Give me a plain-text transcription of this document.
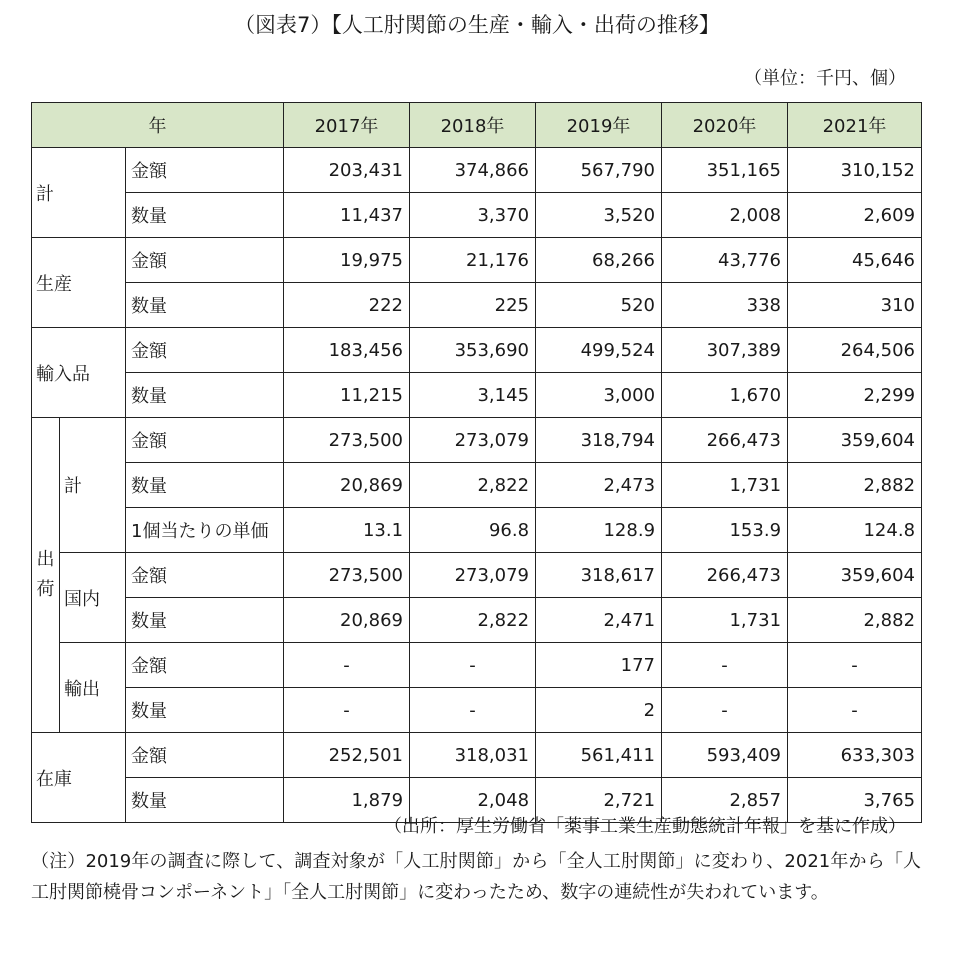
（図表7）【人工肘関節の生産・輸入・出荷の推移】
（単位：千円、個）
年			2017年	2018年	2019年	2020年	2021年
計		金額	203,431	374,866	567,790	351,165	310,152
		数量	11,437	3,370	3,520	2,008	2,609
生産		金額	19,975	21,176	68,266	43,776	45,646
		数量	222	225	520	338	310
輸入品		金額	183,456	353,690	499,524	307,389	264,506
		数量	11,215	3,145	3,000	1,670	2,299
出荷	計	金額	273,500	273,079	318,794	266,473	359,604
		数量	20,869	2,822	2,473	1,731	2,882
		1個当たりの単価	13.1	96.8	128.9	153.9	124.8
	国内	金額	273,500	273,079	318,617	266,473	359,604
		数量	20,869	2,822	2,471	1,731	2,882
	輸出	金額	-	-	177	-	-
		数量	-	-	2	-	-
在庫		金額	252,501	318,031	561,411	593,409	633,303
		数量	1,879	2,048	2,721	2,857	3,765
（出所：厚生労働省「薬事工業生産動態統計年報」を基に作成）
（注）2019年の調査に際して、調査対象が「人工肘関節」から「全人工肘関節」に変わり、2021年から「人工肘関節橈骨コンポーネント」「全人工肘関節」に変わったため、数字の連続性が失われています。
